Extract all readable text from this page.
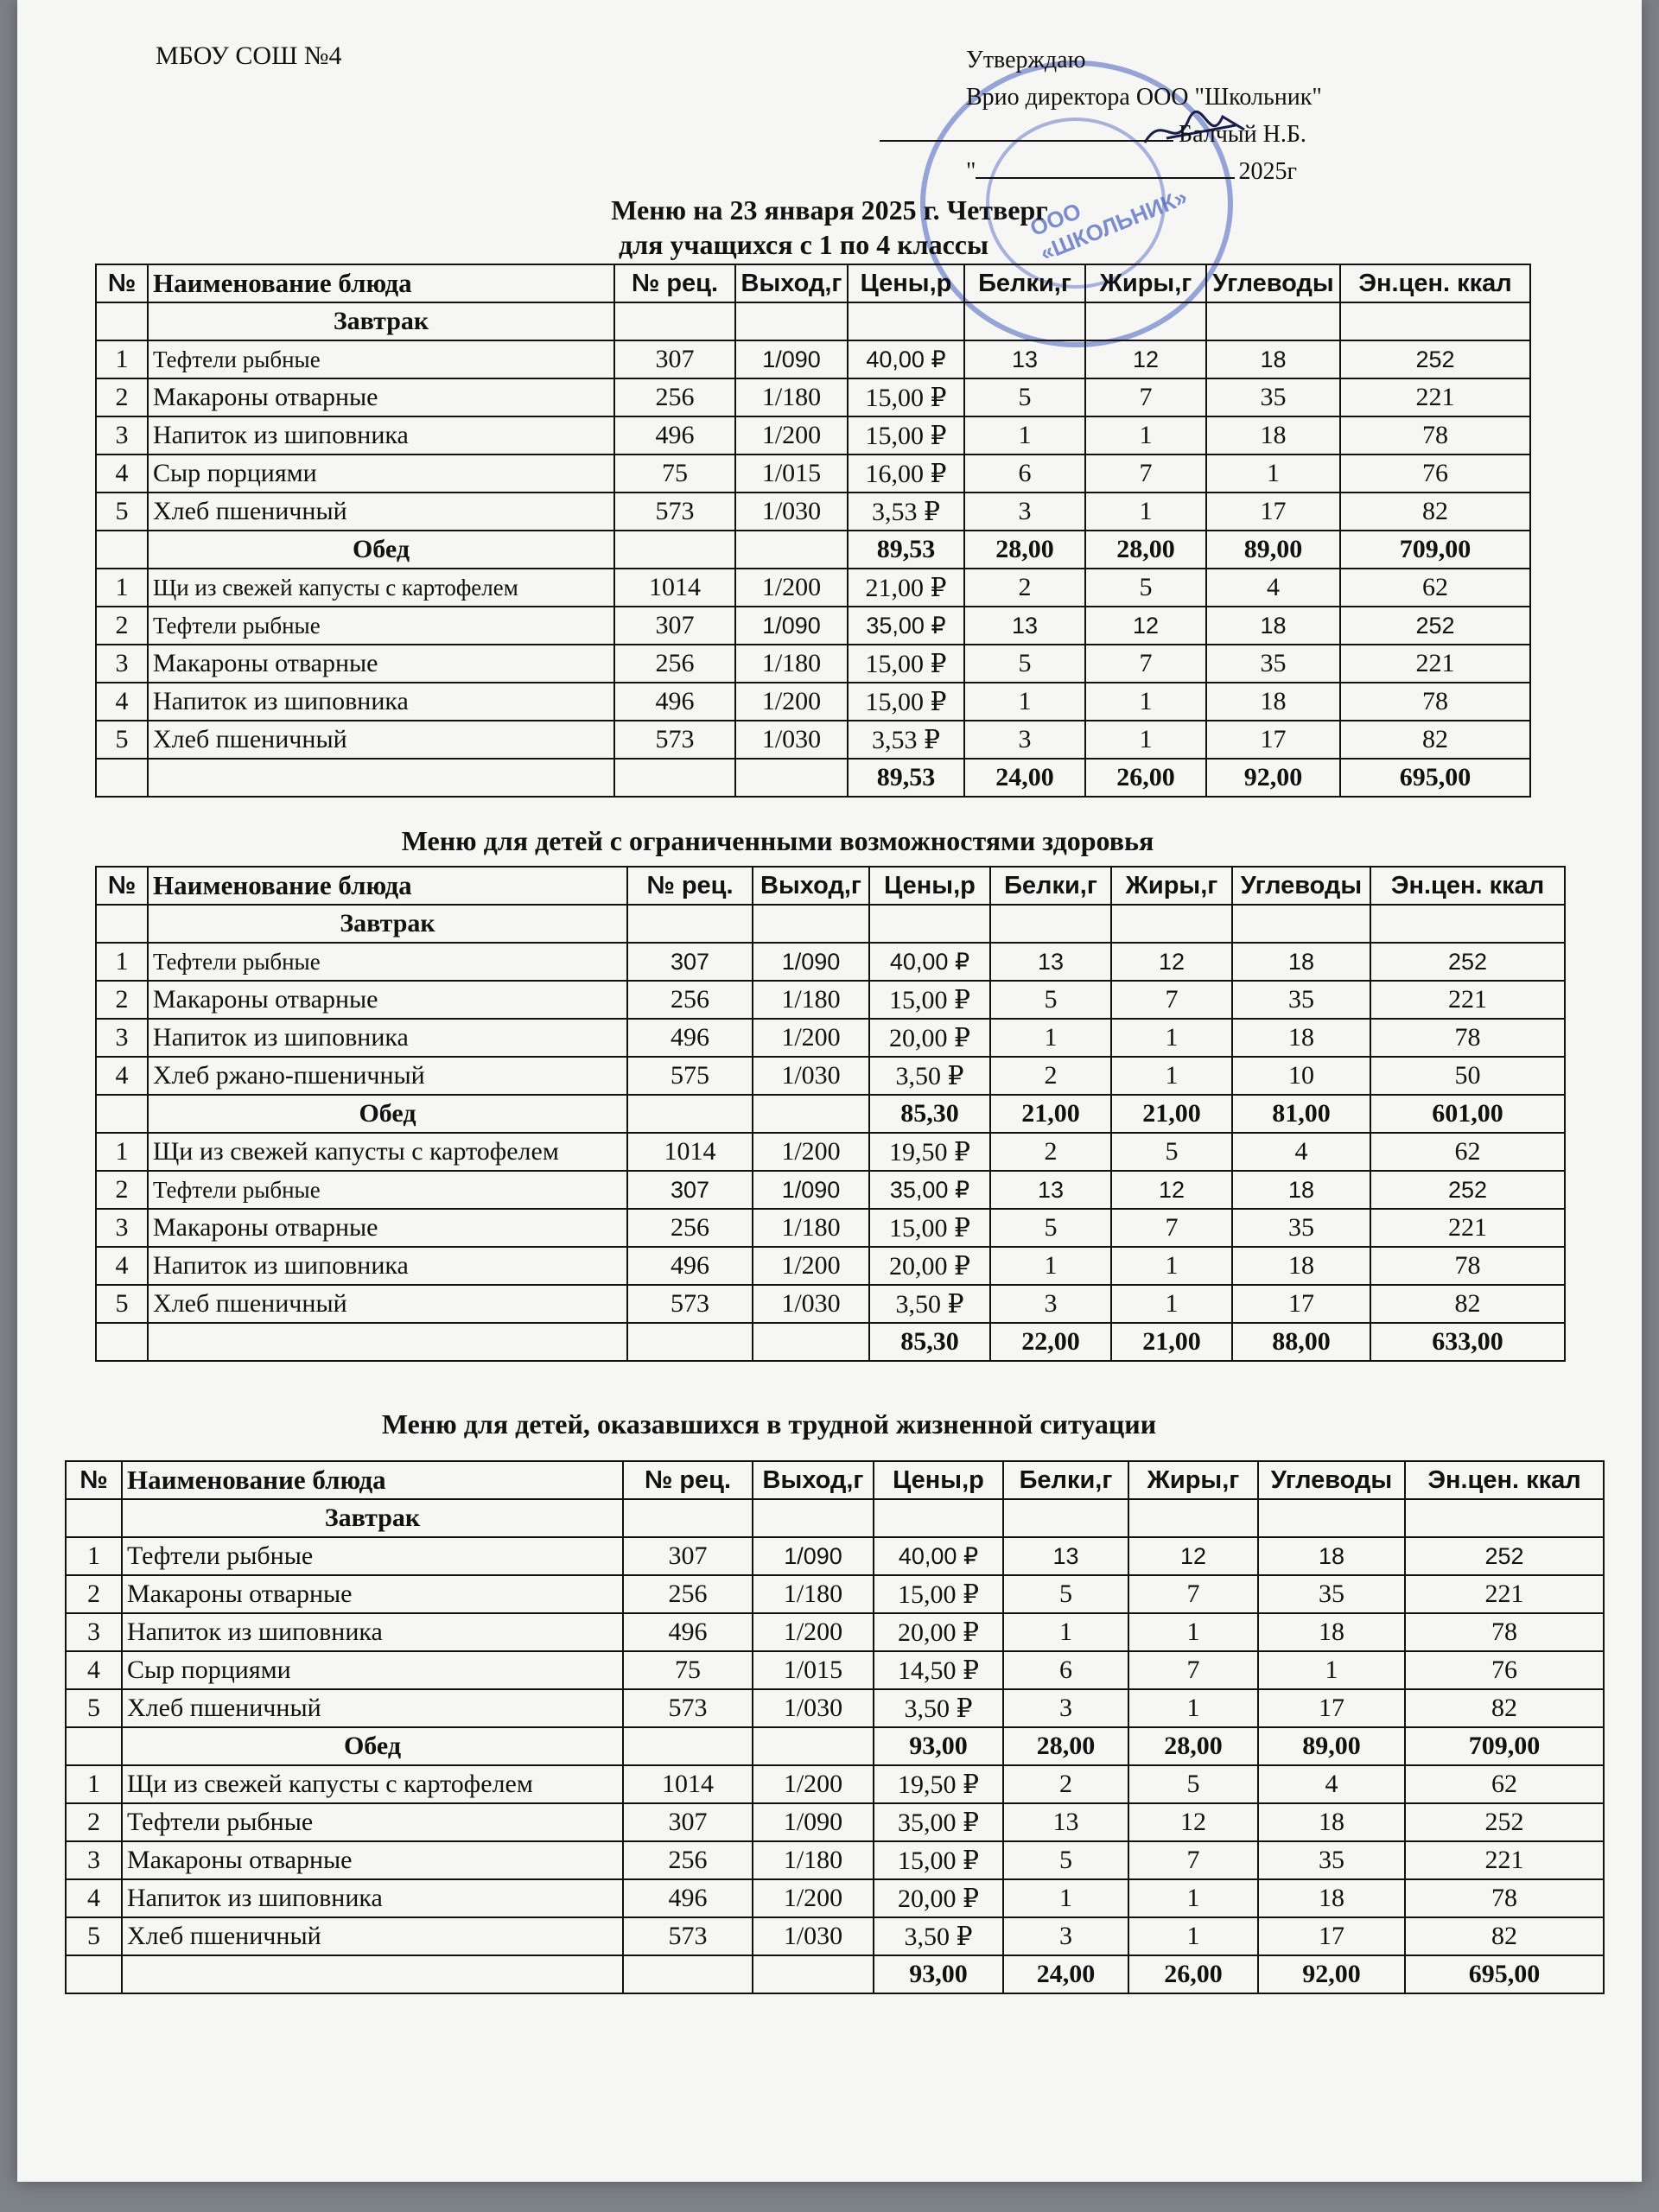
МБОУ СОШ №4
ООО «ШКОЛЬНИК»
Утверждаю
Врио директора ООО "Школьник"
Балчый Н.Б.
"	2025г
Меню на 23 января 2025 г. Четверг
для учащихся с 1 по 4 классы
№	Наименование блюда	№ рец.	Выход,г	Цены,р	Белки,г	Жиры,г	Углеводы	Эн.цен. ккал
	Завтрак							
1	Тефтели рыбные	307	1/090	40,00 ₽	13	12	18	252
2	Макароны отварные	256	1/180	15,00 ₽	5	7	35	221
3	Напиток из шиповника	496	1/200	15,00 ₽	1	1	18	78
4	Сыр порциями	75	1/015	16,00 ₽	6	7	1	76
5	Хлеб пшеничный	573	1/030	3,53 ₽	3	1	17	82
	Обед			89,53	28,00	28,00	89,00	709,00
1	Щи из свежей капусты с картофелем	1014	1/200	21,00 ₽	2	5	4	62
2	Тефтели рыбные	307	1/090	35,00 ₽	13	12	18	252
3	Макароны отварные	256	1/180	15,00 ₽	5	7	35	221
4	Напиток из шиповника	496	1/200	15,00 ₽	1	1	18	78
5	Хлеб пшеничный	573	1/030	3,53 ₽	3	1	17	82
				89,53	24,00	26,00	92,00	695,00
Меню для детей с ограниченными возможностями здоровья
№	Наименование блюда	№ рец.	Выход,г	Цены,р	Белки,г	Жиры,г	Углеводы	Эн.цен. ккал
	Завтрак							
1	Тефтели рыбные	307	1/090	40,00 ₽	13	12	18	252
2	Макароны отварные	256	1/180	15,00 ₽	5	7	35	221
3	Напиток из шиповника	496	1/200	20,00 ₽	1	1	18	78
4	Хлеб ржано-пшеничный	575	1/030	3,50 ₽	2	1	10	50
	Обед			85,30	21,00	21,00	81,00	601,00
1	Щи из свежей капусты с картофелем	1014	1/200	19,50 ₽	2	5	4	62
2	Тефтели рыбные	307	1/090	35,00 ₽	13	12	18	252
3	Макароны отварные	256	1/180	15,00 ₽	5	7	35	221
4	Напиток из шиповника	496	1/200	20,00 ₽	1	1	18	78
5	Хлеб пшеничный	573	1/030	3,50 ₽	3	1	17	82
				85,30	22,00	21,00	88,00	633,00
Меню для детей, оказавшихся в трудной жизненной ситуации
№	Наименование блюда	№ рец.	Выход,г	Цены,р	Белки,г	Жиры,г	Углеводы	Эн.цен. ккал
	Завтрак							
1	Тефтели рыбные	307	1/090	40,00 ₽	13	12	18	252
2	Макароны отварные	256	1/180	15,00 ₽	5	7	35	221
3	Напиток из шиповника	496	1/200	20,00 ₽	1	1	18	78
4	Сыр порциями	75	1/015	14,50 ₽	6	7	1	76
5	Хлеб пшеничный	573	1/030	3,50 ₽	3	1	17	82
	Обед			93,00	28,00	28,00	89,00	709,00
1	Щи из свежей капусты с картофелем	1014	1/200	19,50 ₽	2	5	4	62
2	Тефтели рыбные	307	1/090	35,00 ₽	13	12	18	252
3	Макароны отварные	256	1/180	15,00 ₽	5	7	35	221
4	Напиток из шиповника	496	1/200	20,00 ₽	1	1	18	78
5	Хлеб пшеничный	573	1/030	3,50 ₽	3	1	17	82
				93,00	24,00	26,00	92,00	695,00
